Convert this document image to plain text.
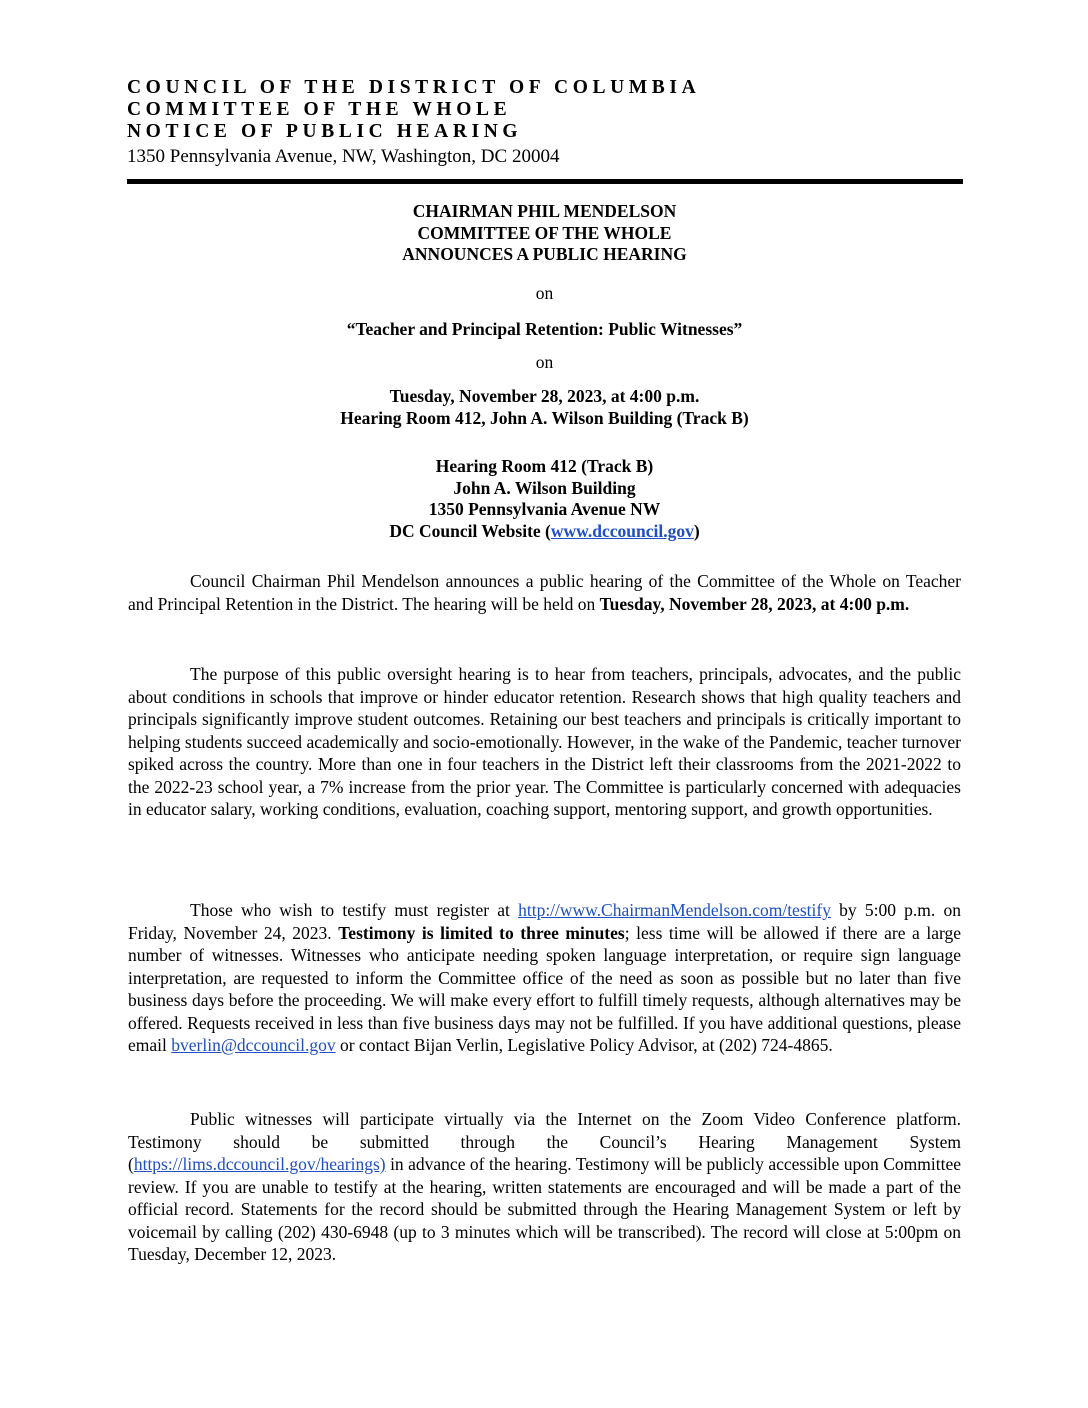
COUNCIL OF THE DISTRICT OF COLUMBIA
COMMITTEE OF THE WHOLE
NOTICE OF PUBLIC HEARING
1350 Pennsylvania Avenue, NW, Washington, DC 20004
CHAIRMAN PHIL MENDELSON
COMMITTEE OF THE WHOLE
ANNOUNCES A PUBLIC HEARING
on
“Teacher and Principal Retention: Public Witnesses”
on
Tuesday, November 28, 2023, at 4:00 p.m.
Hearing Room 412, John A. Wilson Building (Track B)
Hearing Room 412 (Track B)
John A. Wilson Building
1350 Pennsylvania Avenue NW
DC Council Website (www.dccouncil.gov)

Council Chairman Phil Mendelson announces a public hearing of the Committee of the Whole on Teacher and Principal Retention in the District. The hearing will be held on Tuesday, November 28, 2023, at 4:00 p.m.

The purpose of this public oversight hearing is to hear from teachers, principals, advocates, and the public about conditions in schools that improve or hinder educator retention. Research shows that high quality teachers and principals significantly improve student outcomes. Retaining our best teachers and principals is critically important to helping students succeed academically and socio-emotionally. However, in the wake of the Pandemic, teacher turnover spiked across the country. More than one in four teachers in the District left their classrooms from the 2021-2022 to the 2022-23 school year, a 7% increase from the prior year. The Committee is particularly concerned with adequacies in educator salary, working conditions, evaluation, coaching support, mentoring support, and growth opportunities.

Those who wish to testify must register at http://www.ChairmanMendelson.com/testify by 5:00 p.m. on Friday, November 24, 2023. Testimony is limited to three minutes; less time will be allowed if there are a large number of witnesses. Witnesses who anticipate needing spoken language interpretation, or require sign language interpretation, are requested to inform the Committee office of the need as soon as possible but no later than five business days before the proceeding. We will make every effort to fulfill timely requests, although alternatives may be offered. Requests received in less than five business days may not be fulfilled. If you have additional questions, please email bverlin@dccouncil.gov or contact Bijan Verlin, Legislative Policy Advisor, at (202) 724-4865.

Public witnesses will participate virtually via the Internet on the Zoom Video Conference platform. Testimony should be submitted through the Council’s Hearing Management System (https://lims.dccouncil.gov/hearings) in advance of the hearing. Testimony will be publicly accessible upon Committee review. If you are unable to testify at the hearing, written statements are encouraged and will be made a part of the official record. Statements for the record should be submitted through the Hearing Management System or left by voicemail by calling (202) 430-6948 (up to 3 minutes which will be transcribed). The record will close at 5:00pm on Tuesday, December 12, 2023.
